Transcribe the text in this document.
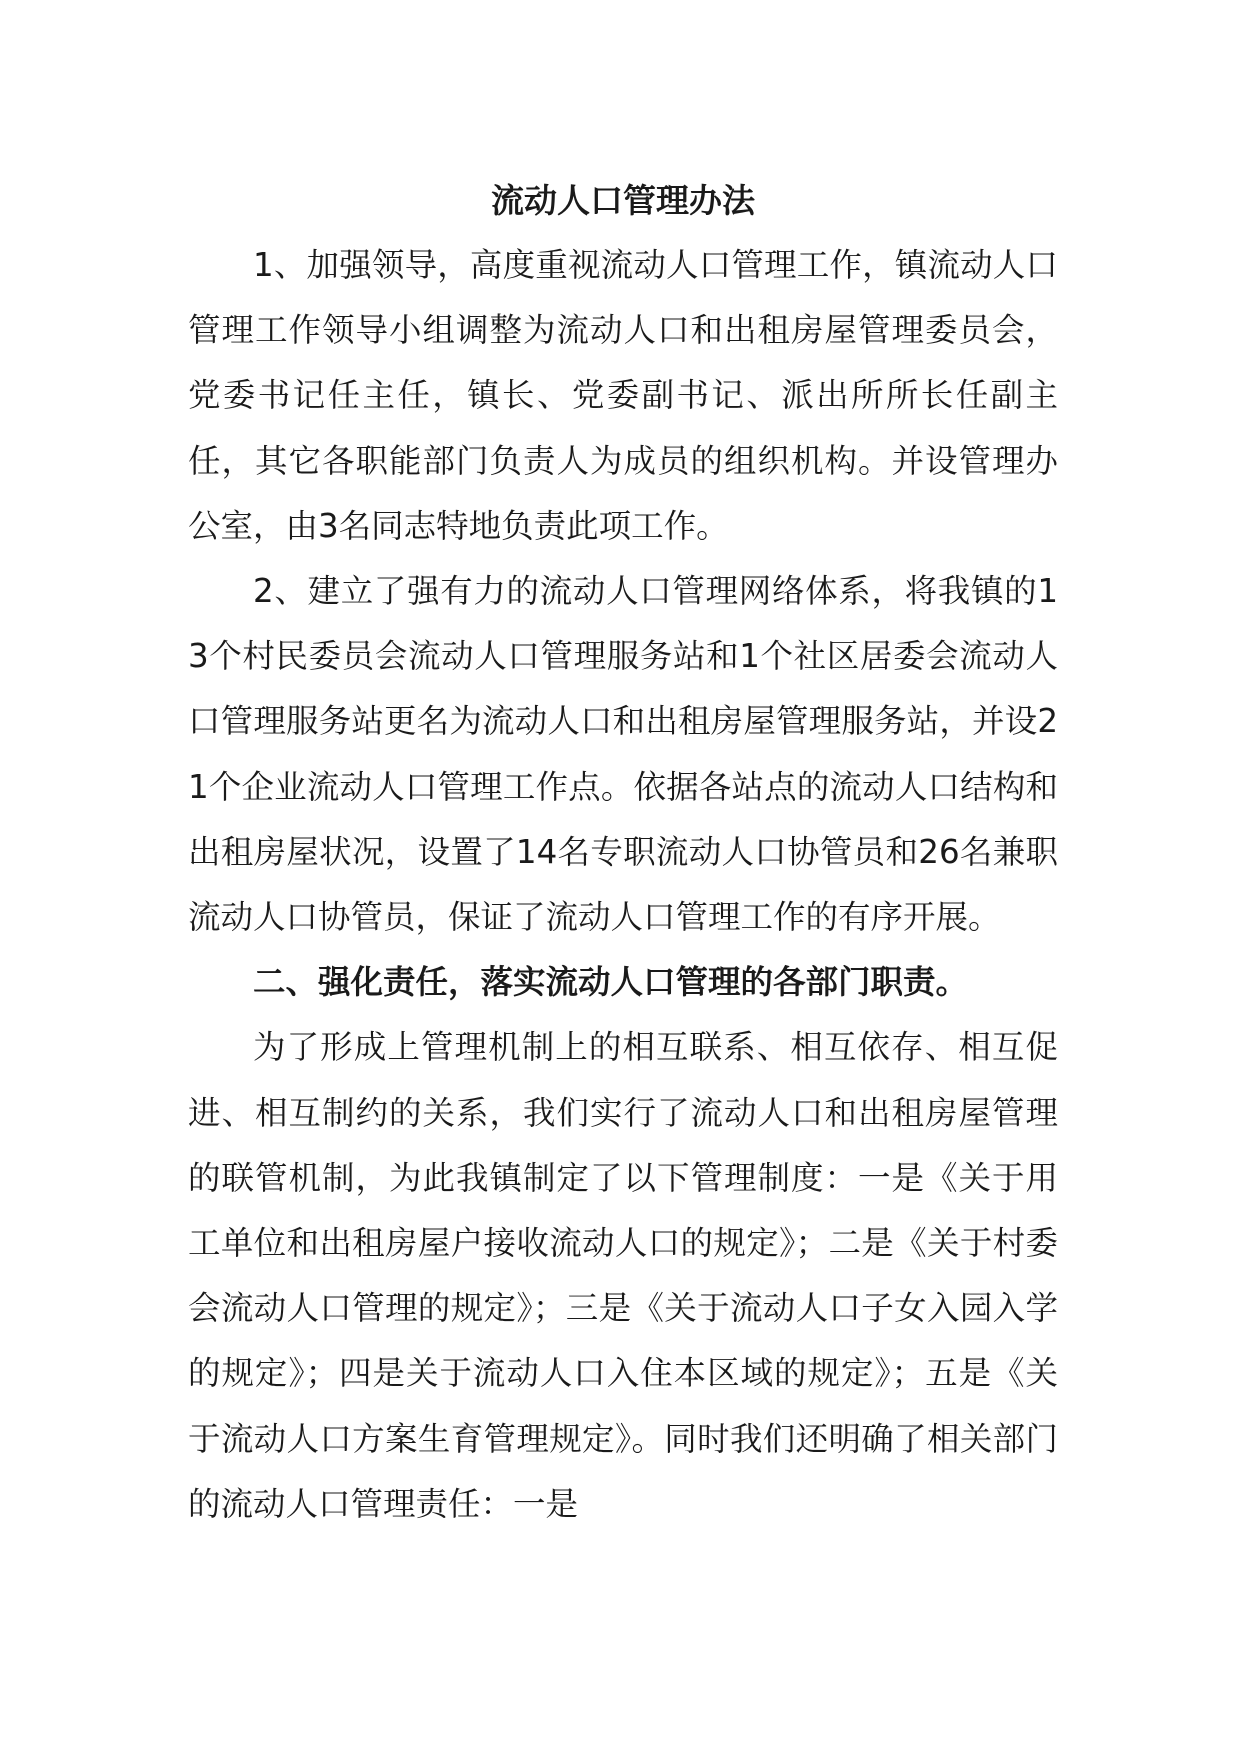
流动人口管理办法

1、加强领导，高度重视流动人口管理工作，镇流动人口管理工作领导小组调整为流动人口和出租房屋管理委员会，党委书记任主任，镇长、党委副书记、派出所所长任副主任，其它各职能部门负责人为成员的组织机构。并设管理办公室，由3名同志特地负责此项工作。

2、建立了强有力的流动人口管理网络体系，将我镇的13个村民委员会流动人口管理服务站和1个社区居委会流动人口管理服务站更名为流动人口和出租房屋管理服务站，并设21个企业流动人口管理工作点。依据各站点的流动人口结构和出租房屋状况，设置了14名专职流动人口协管员和26名兼职流动人口协管员，保证了流动人口管理工作的有序开展。

二、强化责任，落实流动人口管理的各部门职责。

为了形成上管理机制上的相互联系、相互依存、相互促进、相互制约的关系，我们实行了流动人口和出租房屋管理的联管机制，为此我镇制定了以下管理制度：一是《关于用工单位和出租房屋户接收流动人口的规定》；二是《关于村委会流动人口管理的规定》；三是《关于流动人口子女入园入学的规定》；四是关于流动人口入住本区域的规定》；五是《关于流动人口方案生育管理规定》。同时我们还明确了相关部门的流动人口管理责任：一是
